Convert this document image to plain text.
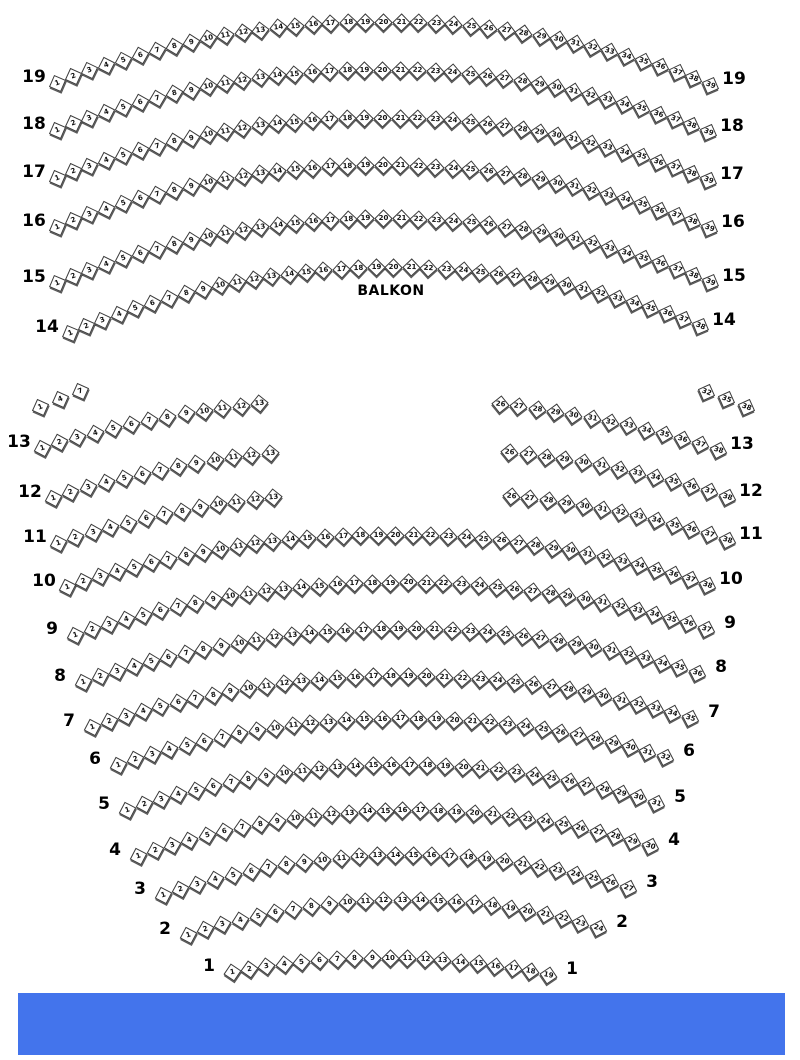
BALKON
1
2
3
4
5
6
7 8 9 10 11 12 13 14 15 16 17 18 19 20 21 22 23 24 25 26 27 28 29 30 31 32 33 34 35
36
37
38
39
19	19
1
2
3
4
5
6 7 8 9 10 11 12 13 14 15 16 17 18 19 20 21 22 23 24 25 26 27 28 29 30 31 32 33 34 35 36
37
38
39
18	18
1
2
3
4
5
6 7 8 9 10 11 12 13 14 15 16 17 18 19 20 21 22 23 24 25 26 27 28 29 30 31 32 33 34 35 36
37
38
39
17	17
1
2
3
4
5
6
7 8 9 10 11 12 13 14 15 16 17 18 19 20 21 22 23 24 25 26 27 28 29 30 31 32 33 34 35
36
37
38
39
16	16
1
2
3
4
5
6
7 8 9 10 11 12 13 14 15 16 17 18 19 20 21 22 23 24 25 26 27 28 29 30 31 32 33 34 35
36
37
38
39
15	15
1
2
3
4
5
6
7
8 9 10 11 12 13 14 15 16 17 18 19 20 21 22 23 24 25 26 27 28 29 30 31 32 33 34 35
36
37
38
14	14
1
2
3
4 5 6 7 8 9 10 11 12 13	26 27 28 29 30 31 32 33 34 35 36 37
38
13	13
1
2
3
4
5 6 7 8 9 10 11 12 13	26 27 28 29 30 31 32 33 34 35 36 37
38
12	12
1
2
3
4
5 6 7 8 9 10 11 12 13	26 27 28 29 30 31 32 33 34 35 36 37 38
11	11
1
2
3
4
5 6 7 8 9 10 11 12 13 14 15 16 17 18 19 20 21 22 23 24 25 26 27 28 29 30 31 32 33 34 35 36 37 38
10	10
1
2
3
4
5 6 7 8 9 10 11 12 13 14 15 16 17 18 19 20 21 22 23 24 25 26 27 28 29 30 31 32 33 34 35 36 37
9	9
1
2
3
4
5 6 7 8 9 10 11 12 13 14 15 16 17 18 19 20 21 22 23 24 25 26 27 28 29 30 31 32 33 34 35 36
8	8
1
2
3
4
5 6 7 8 9 10 11 12 13 14 15 16 17 18 19 20 21 22 23 24 25 26 27 28 29 30 31 32 33 34 35
7	7
1
2
3
4 5 6 7 8 9 10 11 12 13 14 15 16 17 18 19 20 21 22 23 24 25 26 27 28 29 30 31 32
6	6
1
2
3
4 5 6 7 8 9 10 11 12 13 14 15 16 17 18 19 20 21 22 23 24 25 26 27 28 29 30 31
5	5
1
2
3
4
5 6 7 8 9 10 11 12 13 14 15 16 17 18 19 20 21 22 23 24 25 26 27 28 29 30
4	4
1
2
3
4 5 6 7 8 9 10 11 12 13 14 15 16 17 18 19 20 21 22 23 24 25 26 27
3	3
1
2
3
4 5 6 7 8 9 10 11 12 13 14 15 16 17 18 19 20 21 22 23 24
2	2
1 2 3 4 5 6 7 8 9 10 11 12 13 14 15 16 17 18 19
1	1
1
4
7	32
35
38
